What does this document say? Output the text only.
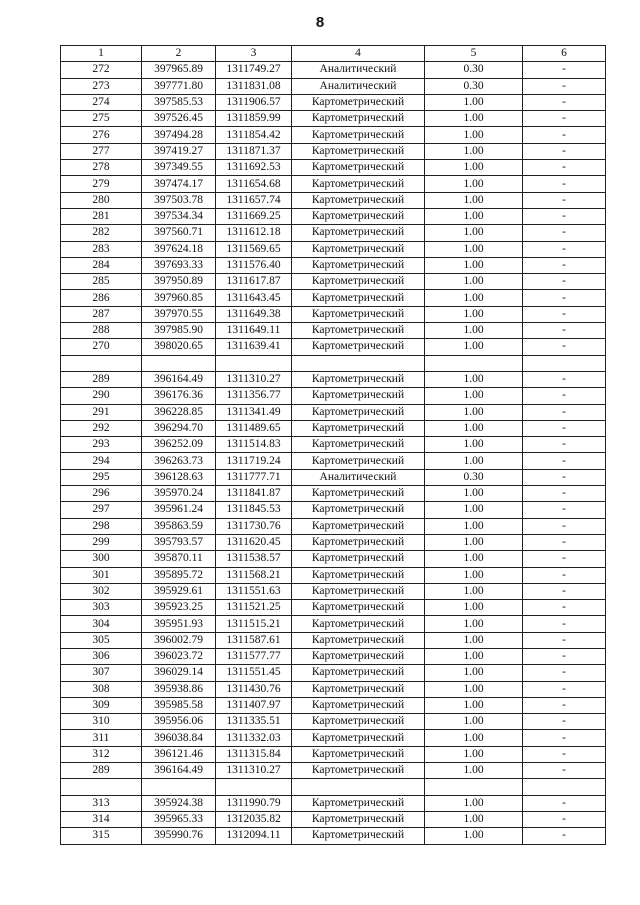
8
1	2	3	4	5	6
272	397965.89	1311749.27	Аналитический	0.30	-
273	397771.80	1311831.08	Аналитический	0.30	-
274	397585.53	1311906.57	Картометрический	1.00	-
275	397526.45	1311859.99	Картометрический	1.00	-
276	397494.28	1311854.42	Картометрический	1.00	-
277	397419.27	1311871.37	Картометрический	1.00	-
278	397349.55	1311692.53	Картометрический	1.00	-
279	397474.17	1311654.68	Картометрический	1.00	-
280	397503.78	1311657.74	Картометрический	1.00	-
281	397534.34	1311669.25	Картометрический	1.00	-
282	397560.71	1311612.18	Картометрический	1.00	-
283	397624.18	1311569.65	Картометрический	1.00	-
284	397693.33	1311576.40	Картометрический	1.00	-
285	397950.89	1311617.87	Картометрический	1.00	-
286	397960.85	1311643.45	Картометрический	1.00	-
287	397970.55	1311649.38	Картометрический	1.00	-
288	397985.90	1311649.11	Картометрический	1.00	-
270	398020.65	1311639.41	Картометрический	1.00	-

289	396164.49	1311310.27	Картометрический	1.00	-
290	396176.36	1311356.77	Картометрический	1.00	-
291	396228.85	1311341.49	Картометрический	1.00	-
292	396294.70	1311489.65	Картометрический	1.00	-
293	396252.09	1311514.83	Картометрический	1.00	-
294	396263.73	1311719.24	Картометрический	1.00	-
295	396128.63	1311777.71	Аналитический	0.30	-
296	395970.24	1311841.87	Картометрический	1.00	-
297	395961.24	1311845.53	Картометрический	1.00	-
298	395863.59	1311730.76	Картометрический	1.00	-
299	395793.57	1311620.45	Картометрический	1.00	-
300	395870.11	1311538.57	Картометрический	1.00	-
301	395895.72	1311568.21	Картометрический	1.00	-
302	395929.61	1311551.63	Картометрический	1.00	-
303	395923.25	1311521.25	Картометрический	1.00	-
304	395951.93	1311515.21	Картометрический	1.00	-
305	396002.79	1311587.61	Картометрический	1.00	-
306	396023.72	1311577.77	Картометрический	1.00	-
307	396029.14	1311551.45	Картометрический	1.00	-
308	395938.86	1311430.76	Картометрический	1.00	-
309	395985.58	1311407.97	Картометрический	1.00	-
310	395956.06	1311335.51	Картометрический	1.00	-
311	396038.84	1311332.03	Картометрический	1.00	-
312	396121.46	1311315.84	Картометрический	1.00	-
289	396164.49	1311310.27	Картометрический	1.00	-

313	395924.38	1311990.79	Картометрический	1.00	-
314	395965.33	1312035.82	Картометрический	1.00	-
315	395990.76	1312094.11	Картометрический	1.00	-
